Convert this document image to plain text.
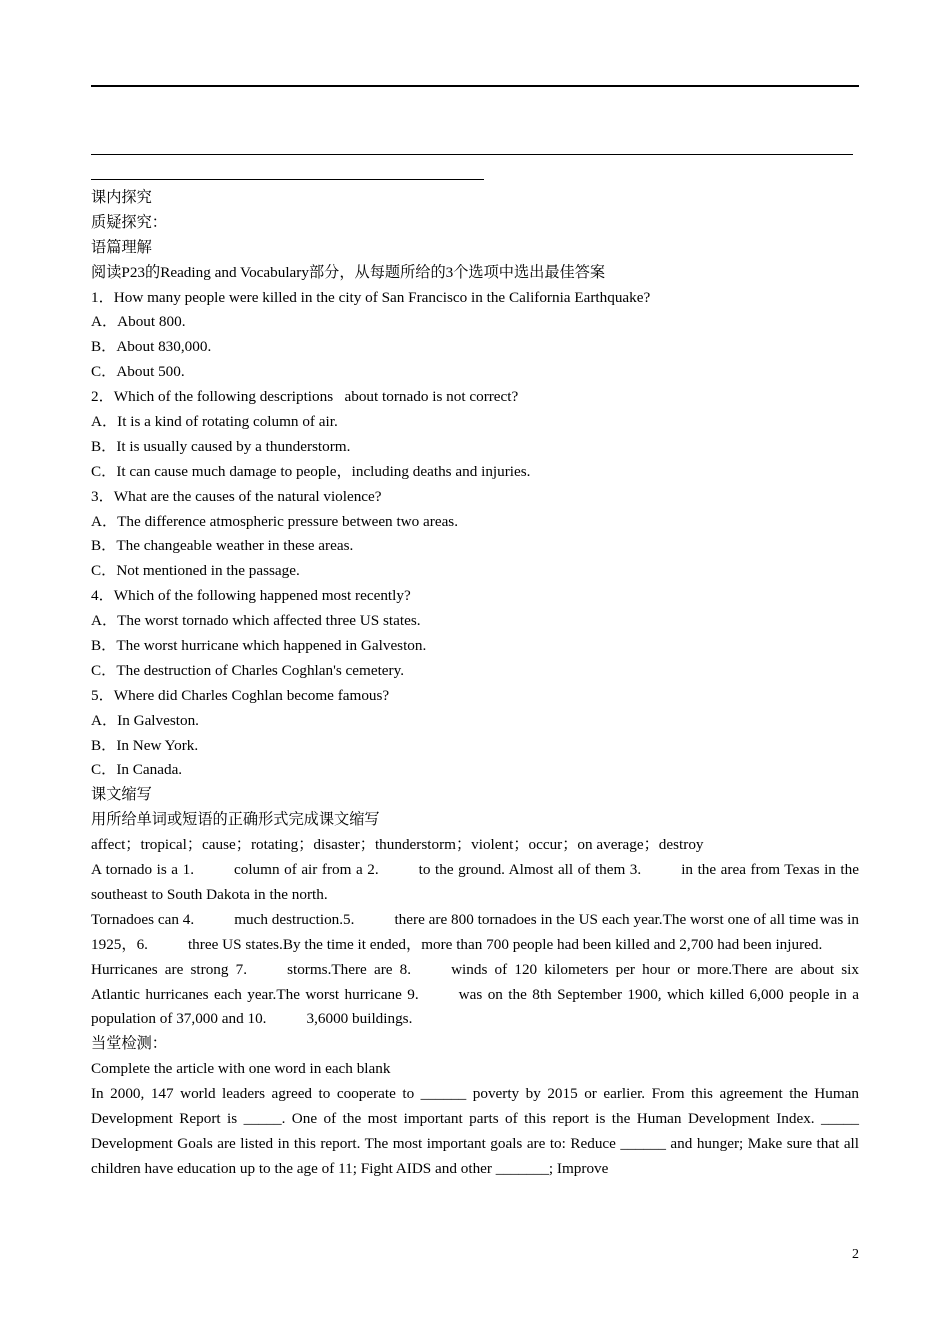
课内探究
质疑探究：
语篇理解
阅读P23的Reading and Vocabulary部分，从每题所给的3个选项中选出最佳答案
1．How many people were killed in the city of San Francisco in the California Earthquake?
A．About 800.
B．About 830,000.
C．About 500.
2．Which of the following descriptions   about tornado is not correct?
A．It is a kind of rotating column of air.
B．It is usually caused by a thunderstorm.
C．It can cause much damage to people，including deaths and injuries.
3．What are the causes of the natural violence?
A．The difference atmospheric pressure between two areas.
B．The changeable weather in these areas.
C．Not mentioned in the passage.
4．Which of the following happened most recently?
A．The worst tornado which affected three US states.
B．The worst hurricane which happened in Galveston.
C．The destruction of Charles Coghlan's cemetery.
5．Where did Charles Coghlan become famous?
A．In Galveston.
B．In New York.
C．In Canada.
课文缩写
用所给单词或短语的正确形式完成课文缩写
affect；tropical；cause；rotating；disaster；thunderstorm；violent；occur；on average；destroy
A tornado is a 1.	column of air from a 2.	to the ground. Almost all of them 3.	in the area from Texas in the southeast to South Dakota in the north.
Tornadoes can 4.	much destruction.5.	there are 800 tornadoes in the US each year.The worst one of all time was in 1925，6.	three US states.By the time it ended，more than 700 people had been killed and 2,700 had been injured.
Hurricanes are strong 7.	storms.There are 8.	winds of 120 kilometers per hour or more.There are about six Atlantic hurricanes each year.The worst hurricane 9.	was on the 8th September 1900, which killed 6,000 people in a population of 37,000 and 10.	3,6000 buildings.
当堂检测：
Complete the article with one word in each blank
In 2000, 147 world leaders agreed to cooperate to ______ poverty by 2015 or earlier. From this agreement the Human Development Report is _____. One of the most important parts of this report is the Human Development Index. _____ Development Goals are listed in this report. The most important goals are to: Reduce ______ and hunger; Make sure that all children have education up to the age of 11; Fight AIDS and other _______; Improve
2
